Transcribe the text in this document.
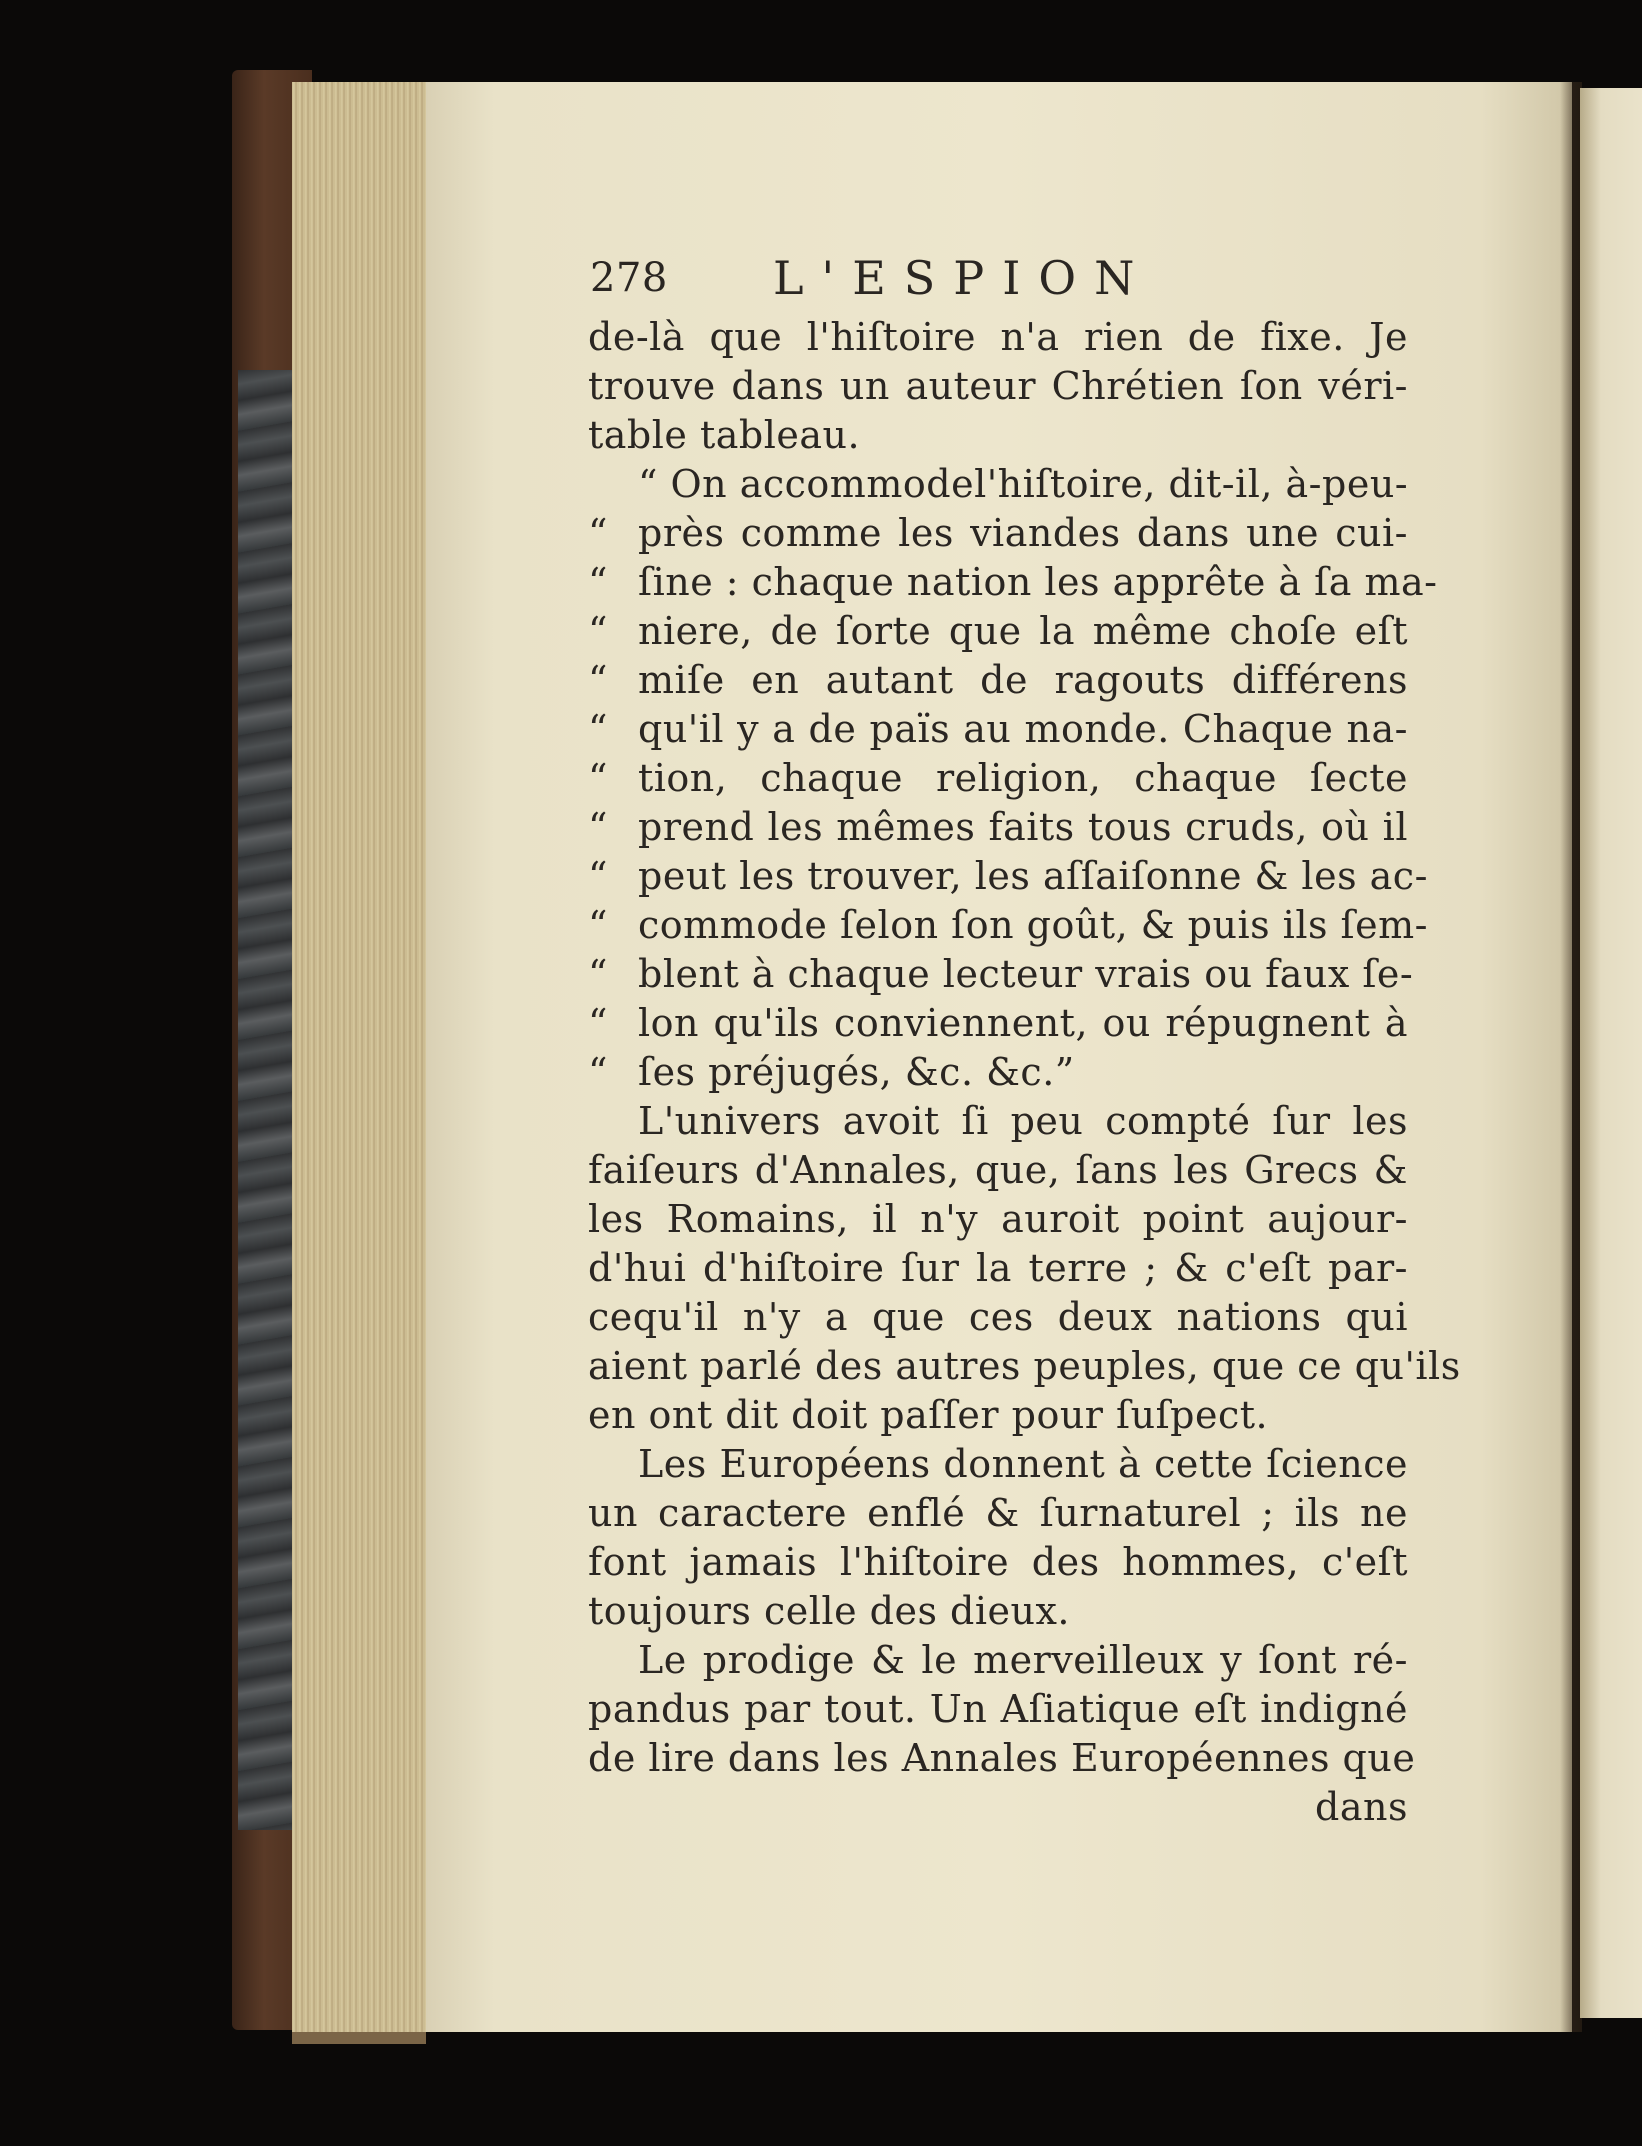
278 L'ESPION
de-là que l'hiſtoire n'a rien de fixe. Je
trouve dans un auteur Chrétien ſon véri-
table tableau.
“ On accommodel'hiſtoire, dit-il, à-peu-
“ près comme les viandes dans une cui-
“ ſine : chaque nation les apprête à ſa ma-
“ niere, de ſorte que la même choſe eſt
“ miſe en autant de ragouts différens
“ qu'il y a de païs au monde. Chaque na-
“ tion, chaque religion, chaque ſecte
“ prend les mêmes faits tous cruds, où il
“ peut les trouver, les aſſaiſonne & les ac-
“ commode ſelon ſon goût, & puis ils ſem-
“ blent à chaque lecteur vrais ou faux ſe-
“ lon qu'ils conviennent, ou répugnent à
“ ſes préjugés, &c. &c.”
L'univers avoit ſi peu compté ſur les
faiſeurs d'Annales, que, ſans les Grecs &
les Romains, il n'y auroit point aujour-
d'hui d'hiſtoire ſur la terre ; & c'eſt par-
cequ'il n'y a que ces deux nations qui
aient parlé des autres peuples, que ce qu'ils
en ont dit doit paſſer pour ſuſpect.
Les Européens donnent à cette ſcience
un caractere enflé & ſurnaturel ; ils ne
font jamais l'hiſtoire des hommes, c'eſt
toujours celle des dieux.
Le prodige & le merveilleux y ſont ré-
pandus par tout. Un Aſiatique eſt indigné
de lire dans les Annales Européennes que
dans
